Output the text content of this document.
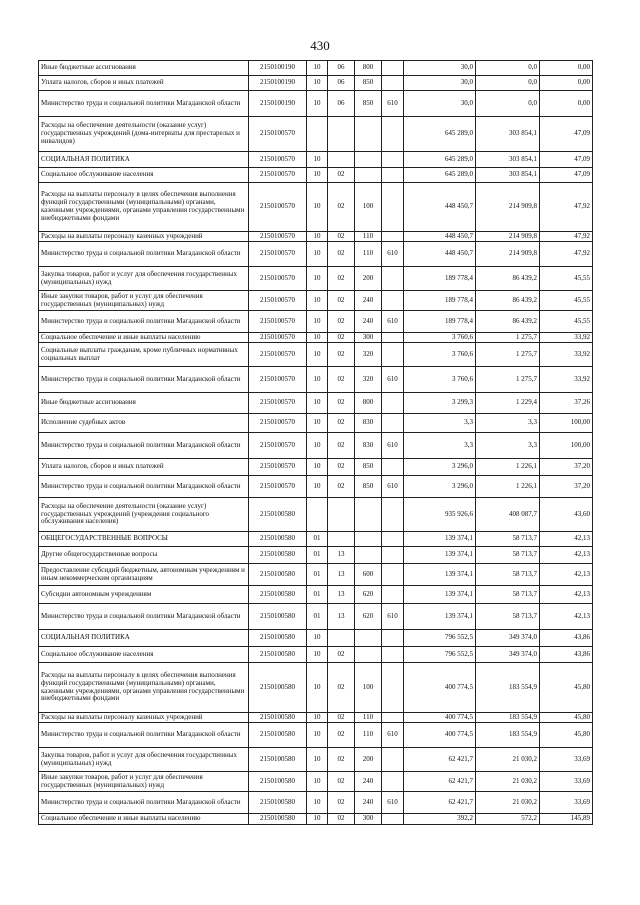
430
Иные бюджетные ассигнования	2150100190	10	06	800		30,0	0,0	0,00
Уплата налогов, сборов и иных платежей	2150100190	10	06	850		30,0	0,0	0,00
Министерство труда и социальной политики Магаданской области	2150100190	10	06	850	610	30,0	0,0	0,00
Расходы на обеспечение деятельности (оказание услуг) государственных учреждений (дома-интернаты для престарелых и инвалидов)	2150100570					645 289,0	303 854,1	47,09
СОЦИАЛЬНАЯ ПОЛИТИКА	2150100570	10				645 289,0	303 854,1	47,09
Социальное обслуживание населения	2150100570	10	02			645 289,0	303 854,1	47,09
Расходы на выплаты персоналу в целях обеспечения выполнения функций государственными (муниципальными) органами, казенными учреждениями, органами управления государственными внебюджетными фондами	2150100570	10	02	100		448 450,7	214 909,8	47,92
Расходы на выплаты персоналу казенных учреждений	2150100570	10	02	110		448 450,7	214 909,8	47,92
Министерство труда и социальной политики Магаданской области	2150100570	10	02	110	610	448 450,7	214 909,8	47,92
Закупка товаров, работ и услуг для обеспечения государственных (муниципальных) нужд	2150100570	10	02	200		189 778,4	86 439,2	45,55
Иные закупки товаров, работ и услуг для обеспечения государственных (муниципальных) нужд	2150100570	10	02	240		189 778,4	86 439,2	45,55
Министерство труда и социальной политики Магаданской области	2150100570	10	02	240	610	189 778,4	86 439,2	45,55
Социальное обеспечение и иные выплаты населению	2150100570	10	02	300		3 760,6	1 275,7	33,92
Социальные выплаты гражданам, кроме публичных нормативных социальных выплат	2150100570	10	02	320		3 760,6	1 275,7	33,92
Министерство труда и социальной политики Магаданской области	2150100570	10	02	320	610	3 760,6	1 275,7	33,92
Иные бюджетные ассигнования	2150100570	10	02	800		3 299,3	1 229,4	37,26
Исполнение судебных актов	2150100570	10	02	830		3,3	3,3	100,00
Министерство труда и социальной политики Магаданской области	2150100570	10	02	830	610	3,3	3,3	100,00
Уплата налогов, сборов и иных платежей	2150100570	10	02	850		3 296,0	1 226,1	37,20
Министерство труда и социальной политики Магаданской области	2150100570	10	02	850	610	3 296,0	1 226,1	37,20
Расходы на обеспечение деятельности (оказание услуг) государственных учреждений (учреждения социального обслуживания населения)	2150100580					935 926,6	408 087,7	43,60
ОБЩЕГОСУДАРСТВЕННЫЕ ВОПРОСЫ	2150100580	01				139 374,1	58 713,7	42,13
Другие общегосударственные вопросы	2150100580	01	13			139 374,1	58 713,7	42,13
Предоставление субсидий бюджетным, автономным учреждениям и иным некоммерческим организациям	2150100580	01	13	600		139 374,1	58 713,7	42,13
Субсидии автономным учреждениям	2150100580	01	13	620		139 374,1	58 713,7	42,13
Министерство труда и социальной политики Магаданской области	2150100580	01	13	620	610	139 374,1	58 713,7	42,13
СОЦИАЛЬНАЯ ПОЛИТИКА	2150100580	10				796 552,5	349 374,0	43,86
Социальное обслуживание населения	2150100580	10	02			796 552,5	349 374,0	43,86
Расходы на выплаты персоналу в целях обеспечения выполнения функций государственными (муниципальными) органами, казенными учреждениями, органами управления государственными внебюджетными фондами	2150100580	10	02	100		400 774,5	183 554,9	45,80
Расходы на выплаты персоналу казенных учреждений	2150100580	10	02	110		400 774,5	183 554,9	45,80
Министерство труда и социальной политики Магаданской области	2150100580	10	02	110	610	400 774,5	183 554,9	45,80
Закупка товаров, работ и услуг для обеспечения государственных (муниципальных) нужд	2150100580	10	02	200		62 421,7	21 030,2	33,69
Иные закупки товаров, работ и услуг для обеспечения государственных (муниципальных) нужд	2150100580	10	02	240		62 421,7	21 030,2	33,69
Министерство труда и социальной политики Магаданской области	2150100580	10	02	240	610	62 421,7	21 030,2	33,69
Социальное обеспечение и иные выплаты населению	2150100580	10	02	300		392,2	572,2	145,89
